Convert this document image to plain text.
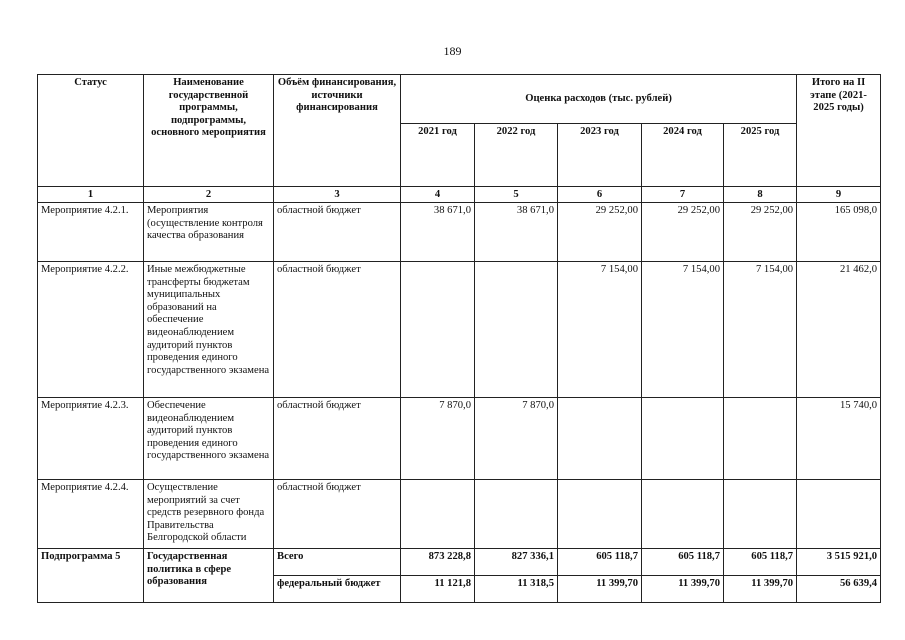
189
Статус	Наименование государственной программы, подпрограммы, основного мероприятия	Объём финансирования, источники финансирования	Оценка расходов (тыс. рублей)					Итого на II этапе (2021-2025 годы)
			2021 год	2022 год	2023 год	2024 год	2025 год	
1	2	3	4	5	6	7	8	9
Мероприятие 4.2.1.	Мероприятия (осуществление контроля качества образования	областной бюджет	38 671,0	38 671,0	29 252,00	29 252,00	29 252,00	165 098,0
Мероприятие 4.2.2.	Иные межбюджетные трансферты бюджетам муниципальных образований на обеспечение видеонаблюдением аудиторий пунктов проведения единого государственного экзамена	областной бюджет			7 154,00	7 154,00	7 154,00	21 462,0
Мероприятие 4.2.3.	Обеспечение видеонаблюдением аудиторий пунктов проведения единого государственного экзамена	областной бюджет	7 870,0	7 870,0				15 740,0
Мероприятие 4.2.4.	Осуществление мероприятий за счет средств резервного фонда Правительства Белгородской области	областной бюджет						
Подпрограмма 5	Государственная политика в сфере образования	Всего	873 228,8	827 336,1	605 118,7	605 118,7	605 118,7	3 515 921,0
		федеральный бюджет	11 121,8	11 318,5	11 399,70	11 399,70	11 399,70	56 639,4
